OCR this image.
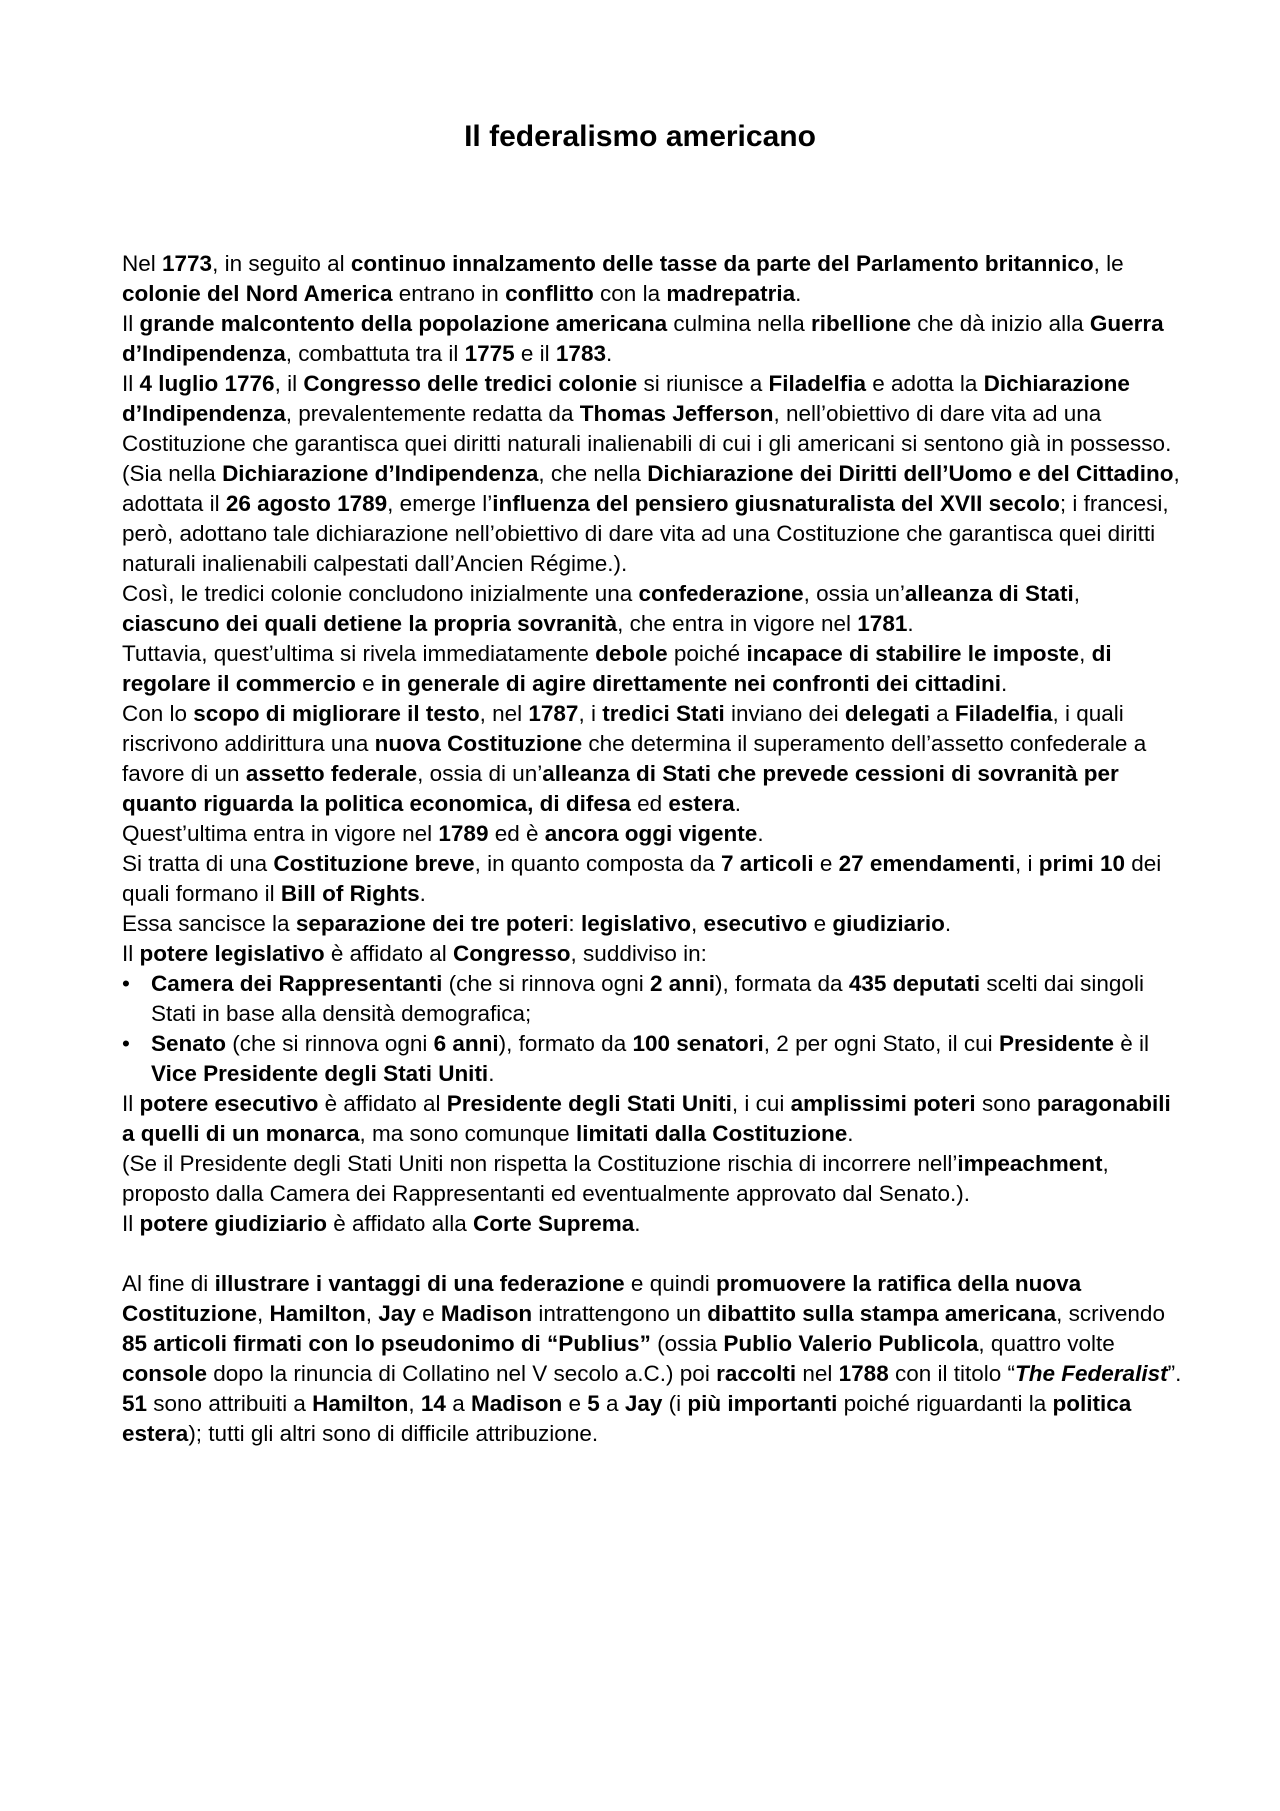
Il federalismo americano

Nel 1773, in seguito al continuo innalzamento delle tasse da parte del Parlamento britannico, le colonie del Nord America entrano in conflitto con la madrepatria.

Il grande malcontento della popolazione americana culmina nella ribellione che dà inizio alla Guerra d’Indipendenza, combattuta tra il 1775 e il 1783.

Il 4 luglio 1776, il Congresso delle tredici colonie si riunisce a Filadelfia e adotta la Dichiarazione d’Indipendenza, prevalentemente redatta da Thomas Jefferson, nell’obiettivo di dare vita ad una Costituzione che garantisca quei diritti naturali inalienabili di cui i gli americani si sentono già in possesso.

(Sia nella Dichiarazione d’Indipendenza, che nella Dichiarazione dei Diritti dell’Uomo e del Cittadino, adottata il 26 agosto 1789, emerge l’influenza del pensiero giusnaturalista del XVII secolo; i francesi, però, adottano tale dichiarazione nell’obiettivo di dare vita ad una Costituzione che garantisca quei diritti naturali inalienabili calpestati dall’Ancien Régime.).

Così, le tredici colonie concludono inizialmente una confederazione, ossia un’alleanza di Stati, ciascuno dei quali detiene la propria sovranità, che entra in vigore nel 1781.

Tuttavia, quest’ultima si rivela immediatamente debole poiché incapace di stabilire le imposte, di regolare il commercio e in generale di agire direttamente nei confronti dei cittadini.

Con lo scopo di migliorare il testo, nel 1787, i tredici Stati inviano dei delegati a Filadelfia, i quali riscrivono addirittura una nuova Costituzione che determina il superamento dell’assetto confederale a favore di un assetto federale, ossia di un’alleanza di Stati che prevede cessioni di sovranità per quanto riguarda la politica economica, di difesa ed estera.

Quest’ultima entra in vigore nel 1789 ed è ancora oggi vigente.

Si tratta di una Costituzione breve, in quanto composta da 7 articoli e 27 emendamenti, i primi 10 dei quali formano il Bill of Rights.

Essa sancisce la separazione dei tre poteri: legislativo, esecutivo e giudiziario.

Il potere legislativo è affidato al Congresso, suddiviso in:

• Camera dei Rappresentanti (che si rinnova ogni 2 anni), formata da 435 deputati scelti dai singoli Stati in base alla densità demografica;
• Senato (che si rinnova ogni 6 anni), formato da 100 senatori, 2 per ogni Stato, il cui Presidente è il Vice Presidente degli Stati Uniti.

Il potere esecutivo è affidato al Presidente degli Stati Uniti, i cui amplissimi poteri sono paragonabili a quelli di un monarca, ma sono comunque limitati dalla Costituzione.

(Se il Presidente degli Stati Uniti non rispetta la Costituzione rischia di incorrere nell’impeachment, proposto dalla Camera dei Rappresentanti ed eventualmente approvato dal Senato.).

Il potere giudiziario è affidato alla Corte Suprema.

Al fine di illustrare i vantaggi di una federazione e quindi promuovere la ratifica della nuova Costituzione, Hamilton, Jay e Madison intrattengono un dibattito sulla stampa americana, scrivendo 85 articoli firmati con lo pseudonimo di “Publius” (ossia Publio Valerio Publicola, quattro volte console dopo la rinuncia di Collatino nel V secolo a.C.) poi raccolti nel 1788 con il titolo “The Federalist”.

51 sono attribuiti a Hamilton, 14 a Madison e 5 a Jay (i più importanti poiché riguardanti la politica estera); tutti gli altri sono di difficile attribuzione.
